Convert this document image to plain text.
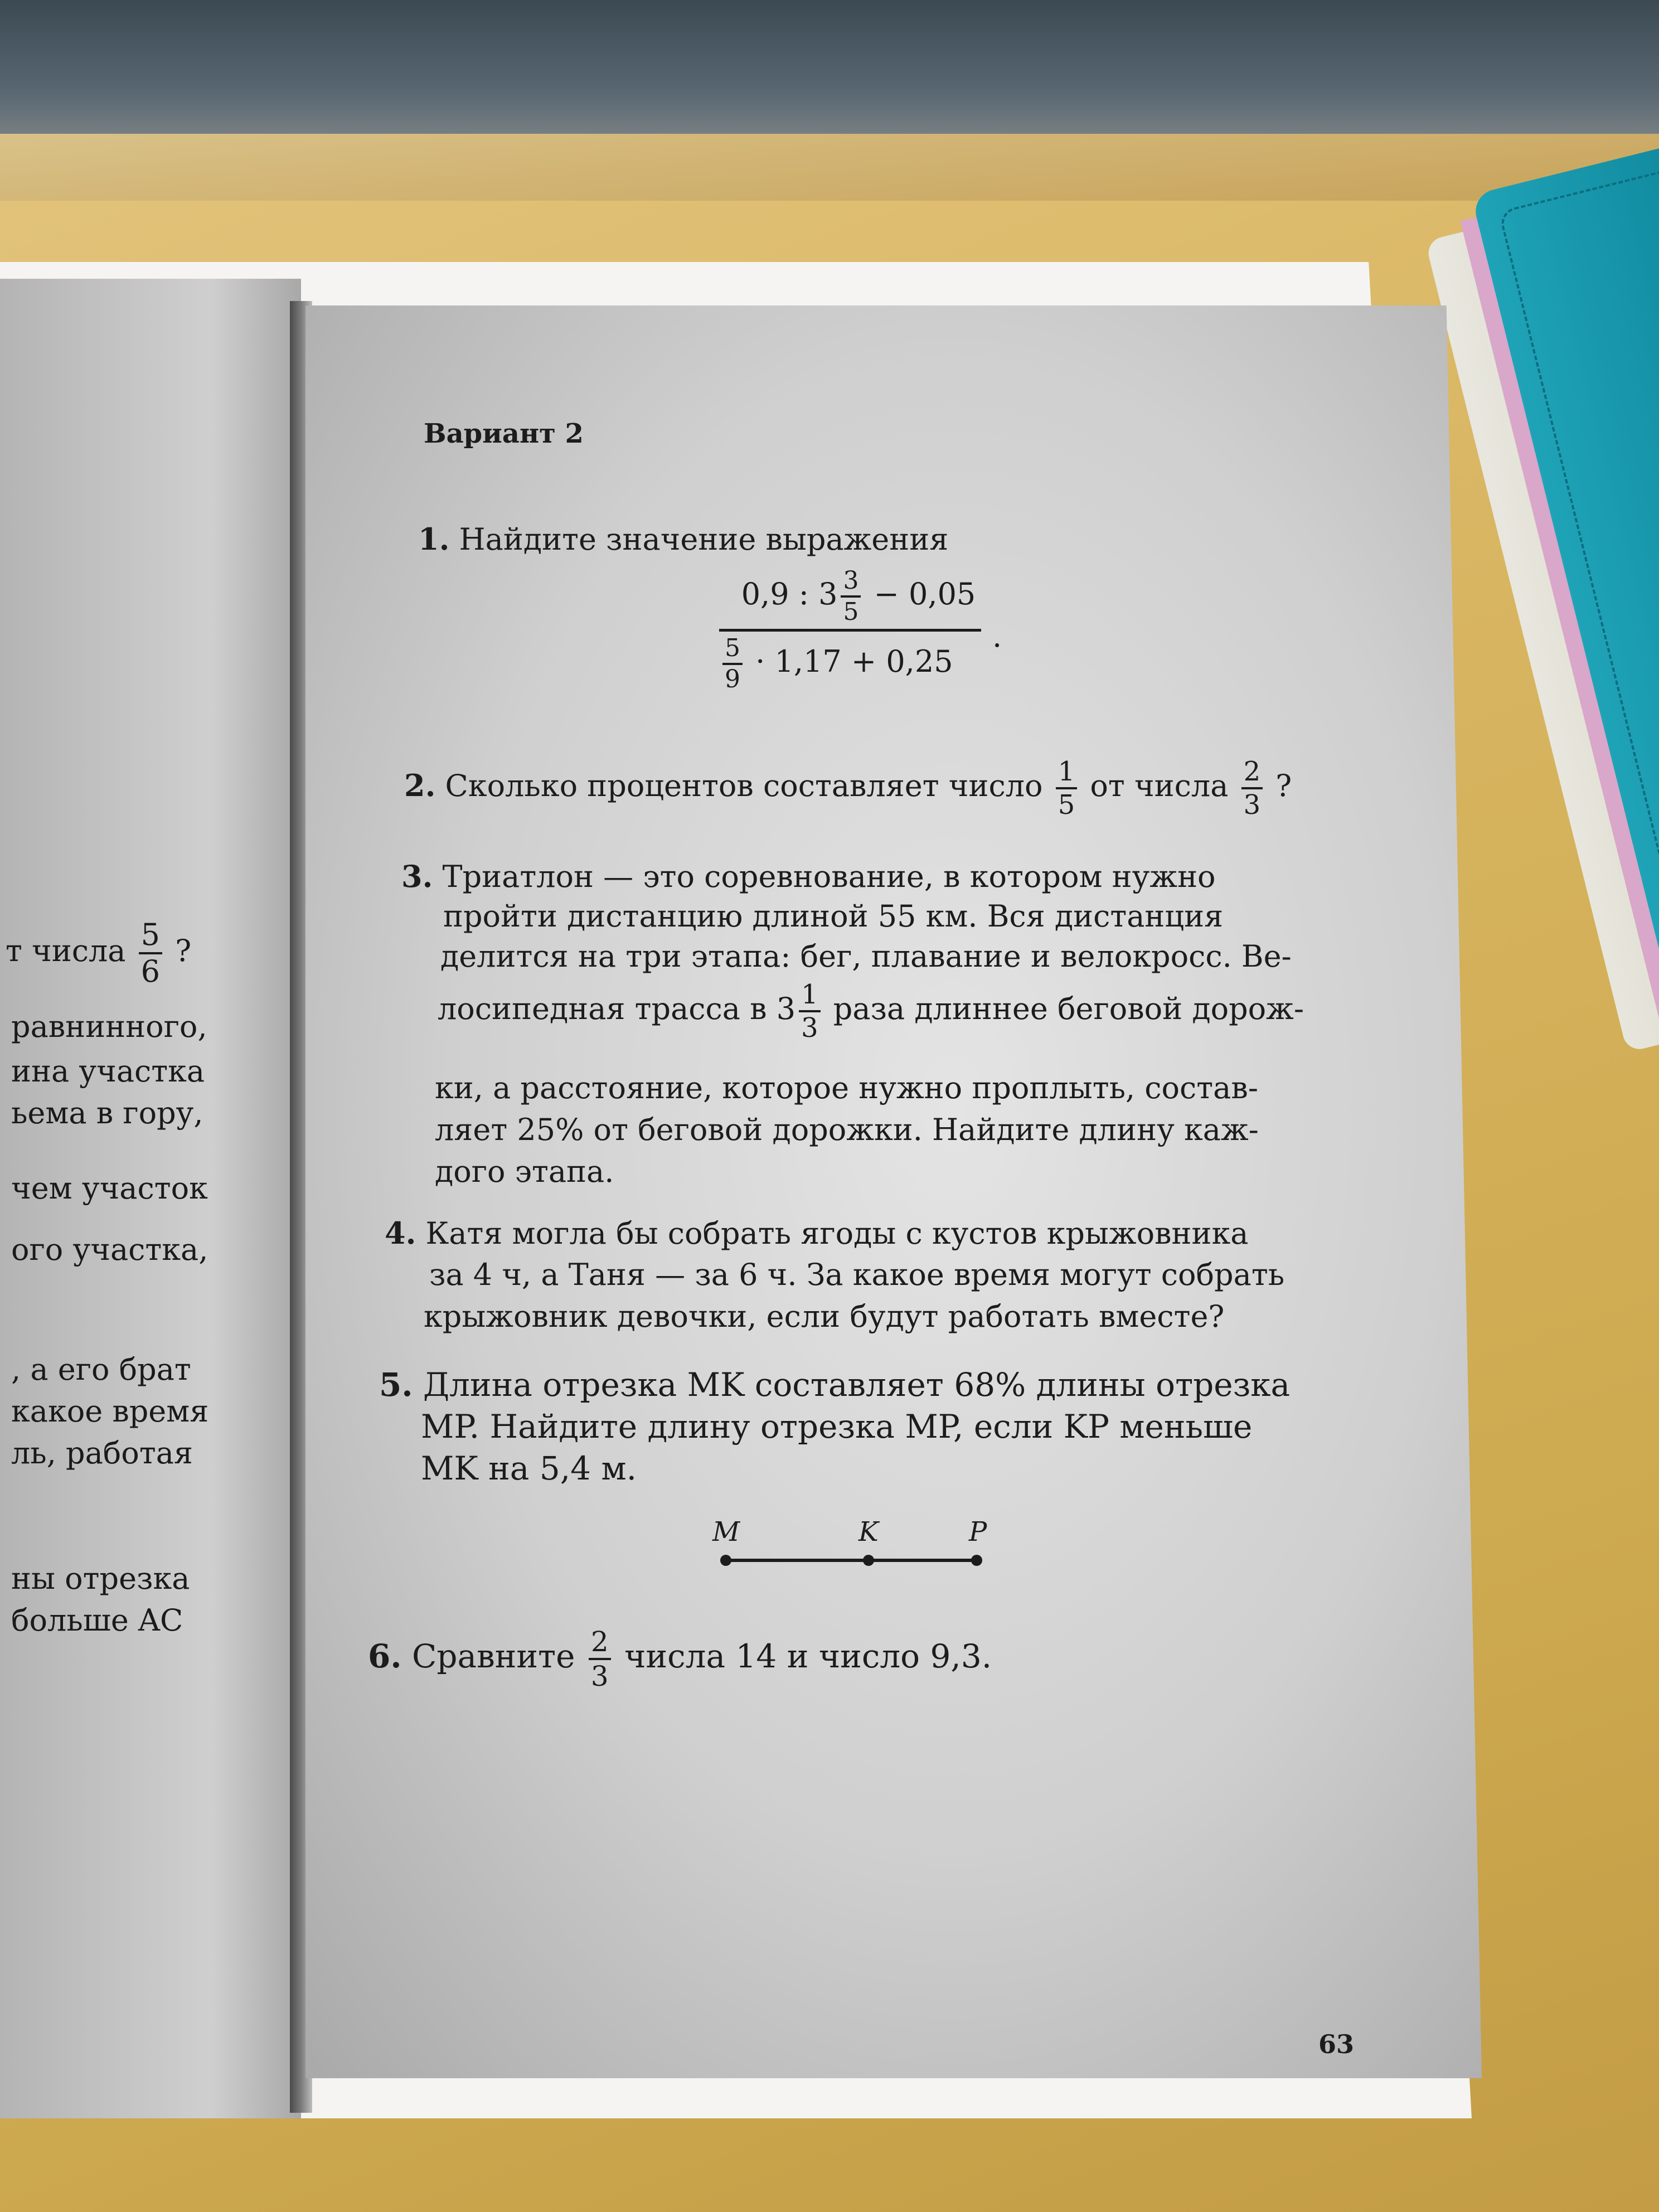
т числа $\frac{5}{6}$ ?
равнинного,
ина участка
ьема в гору,
чем участок
ого участка,
, а его брат
какое время
ль, работая
ны отрезка
больше AC
Вариант 2
1. Найдите значение выражения
0,9 : $3 \frac{3}{5} - 0,05$
$\frac{5}{9} \cdot 1,17 + 0,25$
.
2. Сколько процентов составляет число $\frac{1}{5}$ от числа $\frac{2}{3}$ ?
3. Триатлон — это соревнование, в котором нужно
пройти дистанцию длиной 55 км. Вся дистанция
делится на три этапа: бег, плавание и велокросс. Ве-
лосипедная трасса в $3 \frac{1}{3}$ раза длиннее беговой дорож-
ки, а расстояние, которое нужно проплыть, состав-
ляет 25% от беговой дорожки. Найдите длину каж-
дого этапа.
4. Катя могла бы собрать ягоды с кустов крыжовника
за 4 ч, а Таня — за 6 ч. За какое время могут собрать
крыжовник девочки, если будут работать вместе?
5. Длина отрезка MK составляет 68% длины отрезка
MP. Найдите длину отрезка MP, если KP меньше
MK на 5,4 м.
M	K	P
6. Сравните $\frac{2}{3}$ числа 14 и число 9,3.
63
